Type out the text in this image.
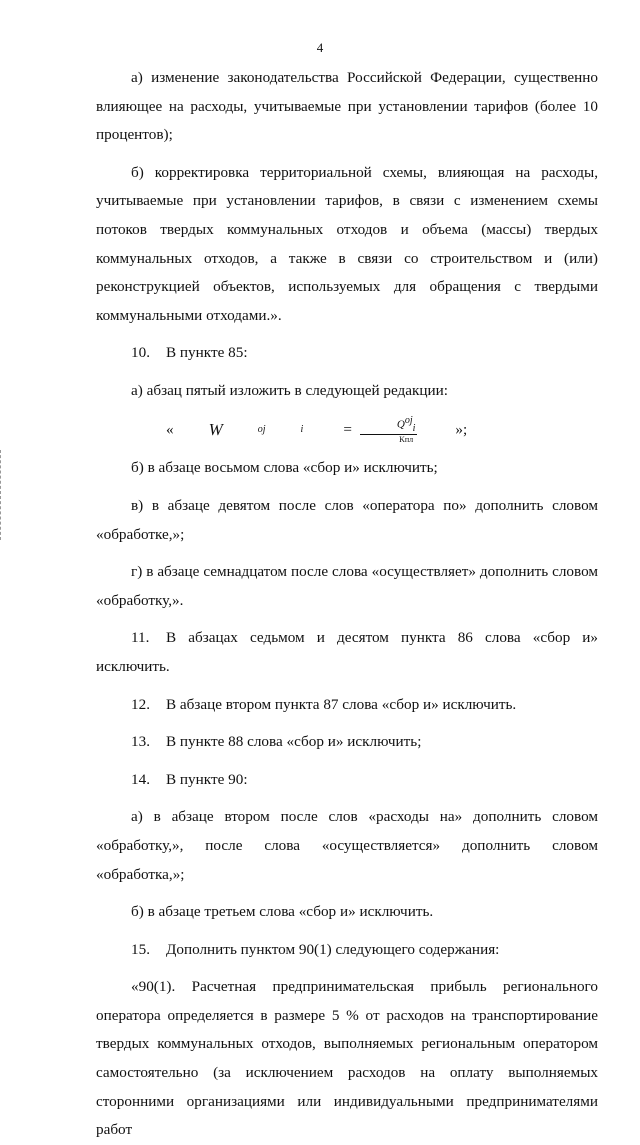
4

а) изменение законодательства Российской Федерации, существенно влияющее на расходы, учитываемые при установлении тарифов (более 10 процентов);

б) корректировка территориальной схемы, влияющая на расходы, учитываемые при установлении тарифов, в связи с изменением схемы потоков твердых коммунальных отходов и объема (массы) твердых коммунальных отходов, а также в связи со строительством и (или) реконструкцией объектов, используемых для обращения с твердыми коммунальными отходами.».

10. В пункте 85:

а) абзац пятый изложить в следующей редакции:

«	W	oj	i	= $\frac{Q^{oj}_i}{\text{Kпл}}$	»;

б) в абзаце восьмом слова «сбор и» исключить;

в) в абзаце девятом после слов «оператора по» дополнить словом «обработке,»;

г) в абзаце семнадцатом после слова «осуществляет» дополнить словом «обработку,».

11. В абзацах седьмом и десятом пункта 86 слова «сбор и» исключить.

12. В абзаце втором пункта 87 слова «сбор и» исключить.

13. В пункте 88 слова «сбор и» исключить;

14. В пункте 90:

а) в абзаце втором после слов «расходы на» дополнить словом «обработку,», после слова «осуществляется» дополнить словом «обработка,»;

б) в абзаце третьем слова «сбор и» исключить.

15. Дополнить пунктом 90(1) следующего содержания:

«90(1). Расчетная предпринимательская прибыль регионального оператора определяется в размере 5 % от расходов на транспортирование твердых коммунальных отходов, выполняемых региональным оператором самостоятельно (за исключением расходов на оплату выполняемых сторонними организациями или индивидуальными предпринимателями работ
